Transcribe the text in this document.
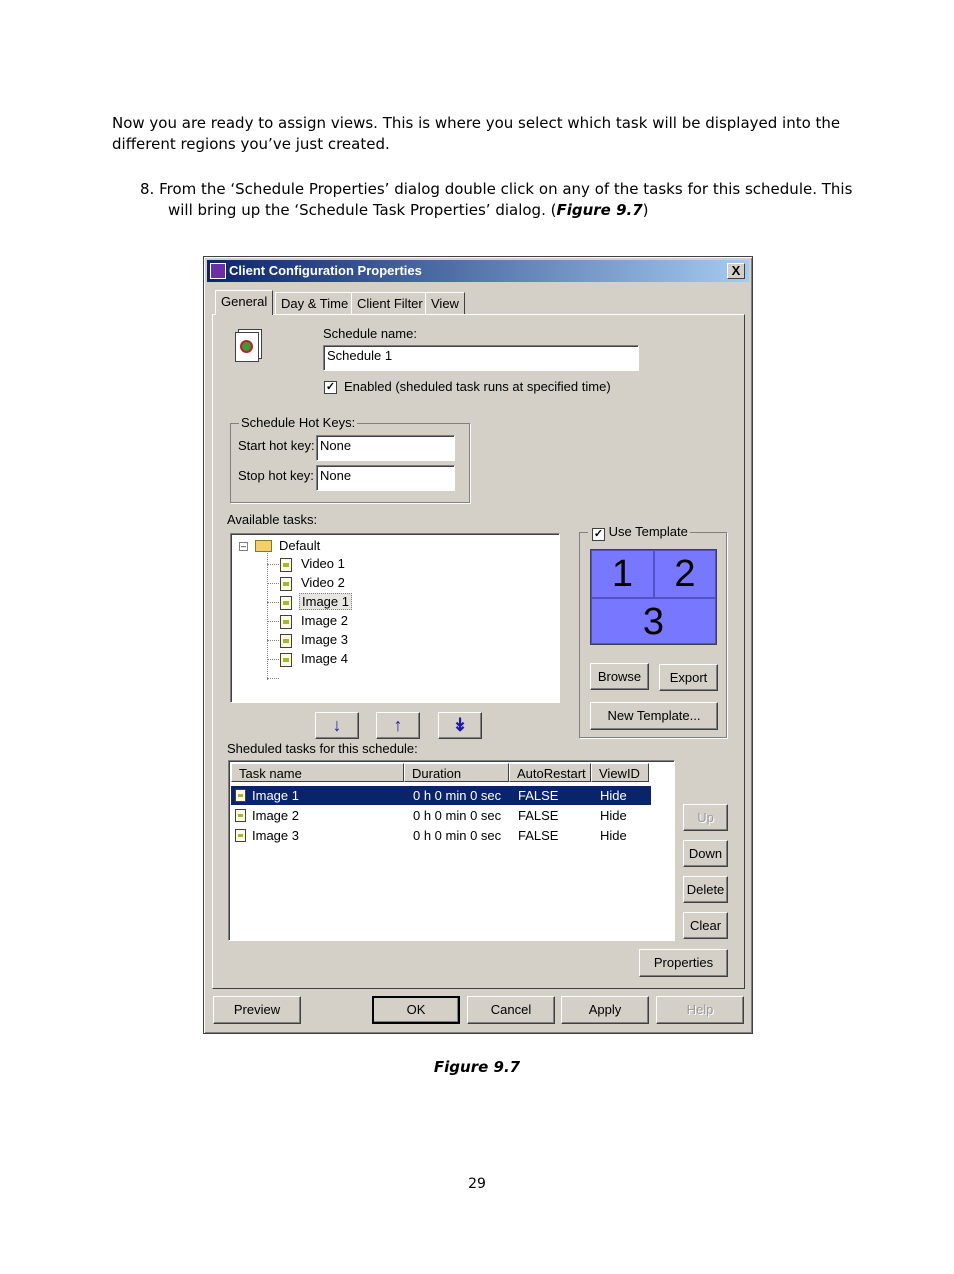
Now you are ready to assign views. This is where you select which task will be displayed into the
different regions you’ve just created.
8. From the ‘Schedule Properties’ dialog double click on any of the tasks for this schedule. This
will bring up the ‘Schedule Task Properties’ dialog. (Figure 9.7)
Client Configuration Properties	X
General	Day & Time Client Filter View
Schedule name:
Schedule 1
✓ Enabled (sheduled task runs at specified time)
Schedule Hot Keys:
Start hot key: None
Stop hot key: None
Available tasks:
–	Default
Video 1
Video 2
Image 1
Image 2
Image 3
Image 4
✓ Use Template
1	2
3
Browse	Export
New Template...
↓	↑	↡
Sheduled tasks for this schedule:
Task name	Duration	AutoRestart	ViewID
Image 1	0 h 0 min 0 sec FALSE	Hide
Image 2	0 h 0 min 0 sec FALSE	Hide
Image 3	0 h 0 min 0 sec FALSE	Hide
Up
Down
Delete
Clear
Properties
Preview	OK	Cancel	Apply	Help
Figure 9.7
29
